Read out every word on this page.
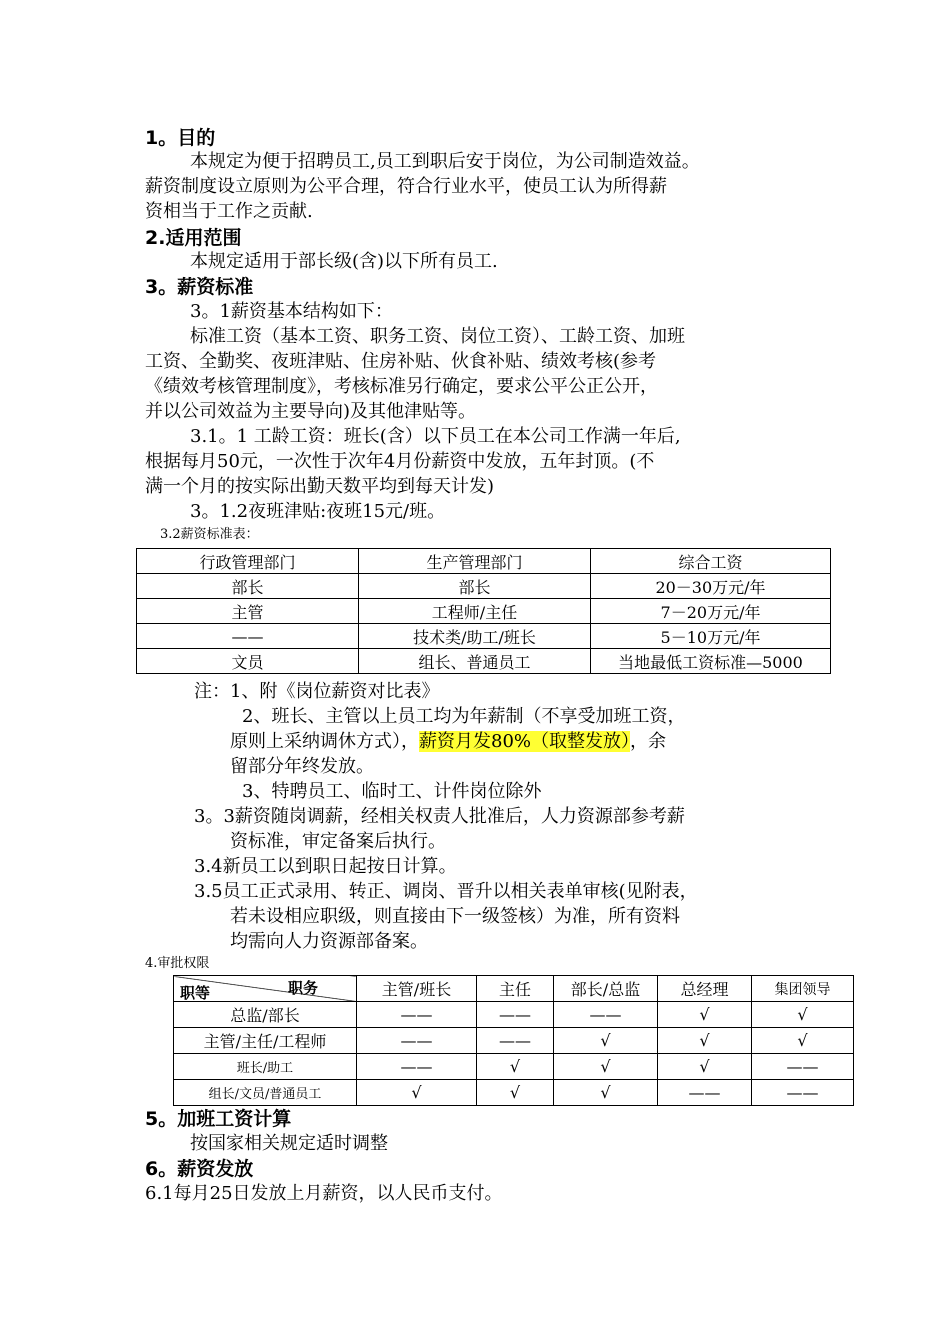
1。目的
本规定为便于招聘员工,员工到职后安于岗位，为公司制造效益。
薪资制度设立原则为公平合理，符合行业水平，使员工认为所得薪
资相当于工作之贡献.
2.适用范围
本规定适用于部长级(含)以下所有员工.
3。薪资标准
3。1薪资基本结构如下：
标准工资（基本工资、职务工资、岗位工资）、工龄工资、加班
工资、全勤奖、夜班津贴、住房补贴、伙食补贴、绩效考核(参考
《绩效考核管理制度》，考核标准另行确定，要求公平公正公开，
并以公司效益为主要导向)及其他津贴等。
3.1。1 工龄工资：班长(含）以下员工在本公司工作满一年后,
根据每月50元，一次性于次年4月份薪资中发放，五年封顶。(不
满一个月的按实际出勤天数平均到每天计发)
3。1.2夜班津贴:夜班15元/班。
3.2薪资标准表：
行政管理部门	生产管理部门	综合工资
部长	部长	20－30万元/年
主管	工程师/主任	7－20万元/年
——	技术类/助工/班长	5－10万元/年
文员	组长、普通员工	当地最低工资标准—5000
注：1、附《岗位薪资对比表》
2、班长、主管以上员工均为年薪制（不享受加班工资，
原则上采纳调休方式），薪资月发80%（取整发放），余
留部分年终发放。
3、特聘员工、临时工、计件岗位除外
3。3薪资随岗调薪，经相关权责人批准后，人力资源部参考薪
资标准，审定备案后执行。
3.4新员工以到职日起按日计算。
3.5员工正式录用、转正、调岗、晋升以相关表单审核(见附表，
若未设相应职级，则直接由下一级签核）为准，所有资料
均需向人力资源部备案。
4.审批权限
职务
职等	主管/班长	主任	部长/总监	总经理	集团领导
总监/部长	——	——	——	√	√
主管/主任/工程师	——	——	√	√	√
班长/助工	——	√	√	√	——
组长/文员/普通员工	√	√	√	——	——
5。加班工资计算
按国家相关规定适时调整
6。薪资发放
6.1每月25日发放上月薪资，以人民币支付。
